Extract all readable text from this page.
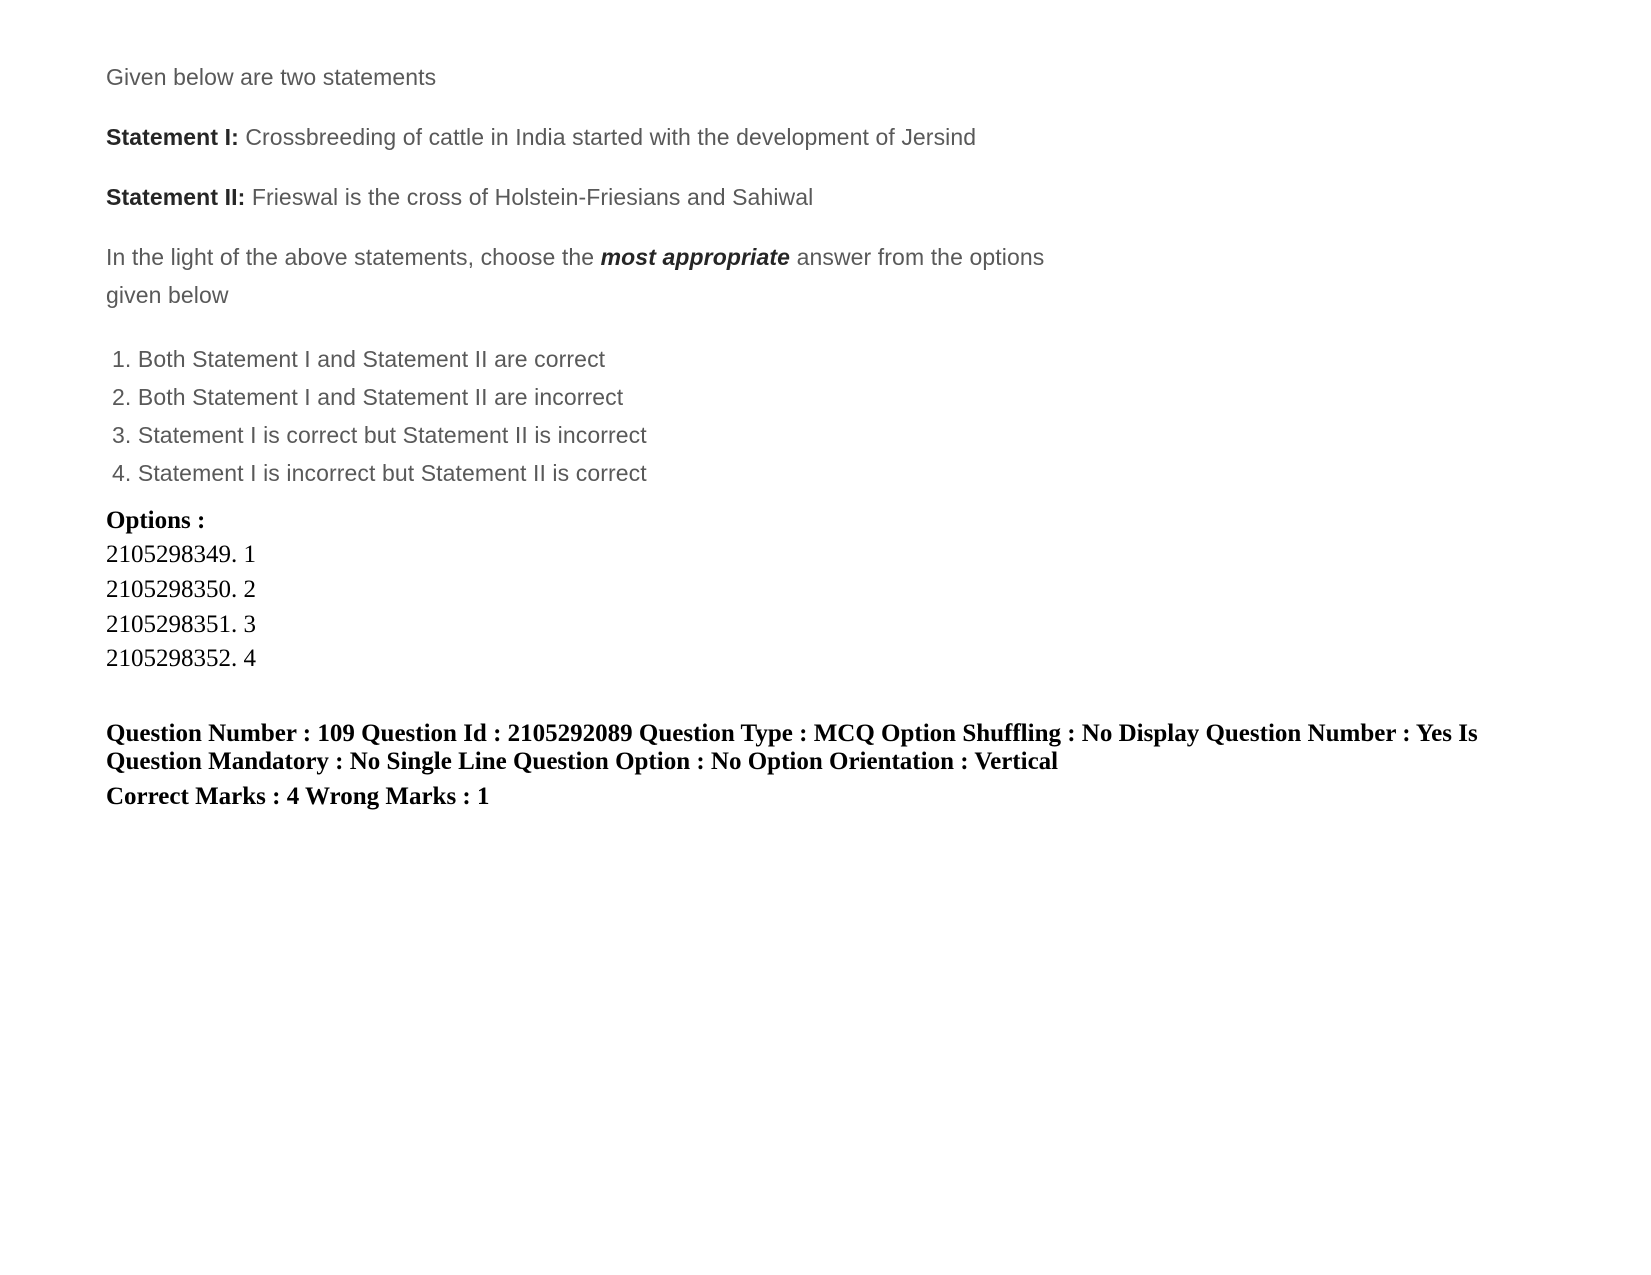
Given below are two statements
Statement I: Crossbreeding of cattle in India started with the development of Jersind
Statement II: Frieswal is the cross of Holstein-Friesians and Sahiwal
In the light of the above statements, choose the most appropriate answer from the options
given below
1. Both Statement I and Statement II are correct
2. Both Statement I and Statement II are incorrect
3. Statement I is correct but Statement II is incorrect
4. Statement I is incorrect but Statement II is correct
Options :
2105298349. 1
2105298350. 2
2105298351. 3
2105298352. 4
Question Number : 109 Question Id : 2105292089 Question Type : MCQ Option Shuffling : No Display Question Number : Yes Is
Question Mandatory : No Single Line Question Option : No Option Orientation : Vertical
Correct Marks : 4 Wrong Marks : 1
